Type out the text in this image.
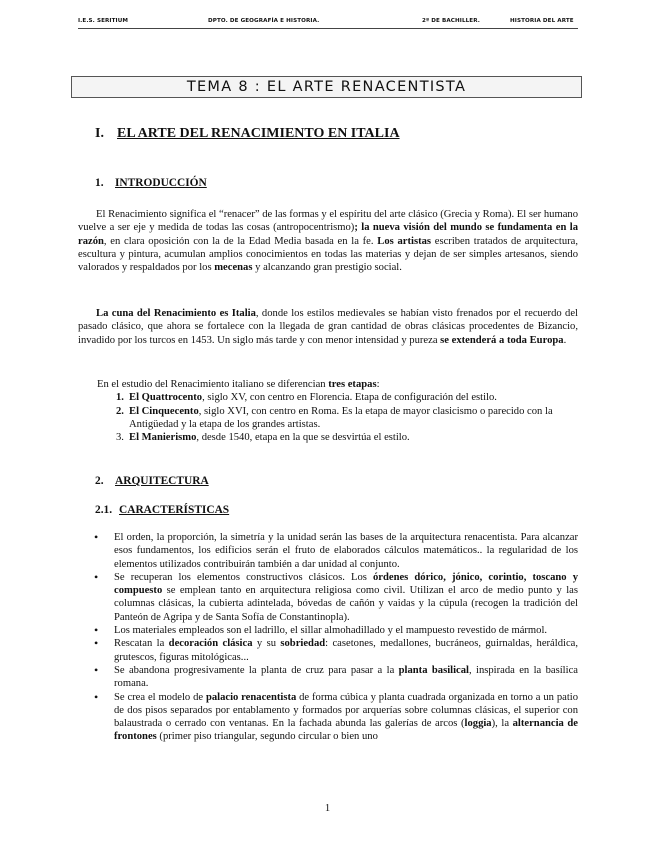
I.E.S. SERITIUM	DPTO. DE GEOGRAFÍA E HISTORIA.	2º DE BACHILLER.	HISTORIA DEL ARTE
TEMA 8 : EL ARTE RENACENTISTA
I. EL ARTE DEL RENACIMIENTO EN ITALIA
1. INTRODUCCIÓN
El Renacimiento significa el “renacer” de las formas y el espíritu del arte clásico (Grecia y Roma). El ser humano vuelve a ser eje y medida de todas las cosas (antropocentrismo); la nueva visión del mundo se fundamenta en la razón, en clara oposición con la de la Edad Media basada en la fe. Los artistas escriben tratados de arquitectura, escultura y pintura, acumulan amplios conocimientos en todas las materias y dejan de ser simples artesanos, siendo valorados y respaldados por los mecenas y alcanzando gran prestigio social.
La cuna del Renacimiento es Italia, donde los estilos medievales se habían visto frenados por el recuerdo del pasado clásico, que ahora se fortalece con la llegada de gran cantidad de obras clásicas procedentes de Bizancio, invadido por los turcos en 1453. Un siglo más tarde y con menor intensidad y pureza se extenderá a toda Europa.
En el estudio del Renacimiento italiano se diferencian tres etapas:
1. El Quattrocento, siglo XV, con centro en Florencia. Etapa de configuración del estilo.
2. El Cinquecento, siglo XVI, con centro en Roma. Es la etapa de mayor clasicismo o parecido con la Antigüedad y la etapa de los grandes artistas.
3. El Manierismo, desde 1540, etapa en la que se desvirtúa el estilo.
2. ARQUITECTURA
2.1. CARACTERÍSTICAS
• El orden, la proporción, la simetría y la unidad serán las bases de la arquitectura renacentista. Para alcanzar esos fundamentos, los edificios serán el fruto de elaborados cálculos matemáticos.. la regularidad de los elementos utilizados contribuirán también a dar unidad al conjunto.
• Se recuperan los elementos constructivos clásicos. Los órdenes dórico, jónico, corintio, toscano y compuesto se emplean tanto en arquitectura religiosa como civil. Utilizan el arco de medio punto y las columnas clásicas, la cubierta adintelada, bóvedas de cañón y vaidas y la cúpula (recogen la tradición del Panteón de Agripa y de Santa Sofía de Constantinopla).
• Los materiales empleados son el ladrillo, el sillar almohadillado y el mampuesto revestido de mármol.
• Rescatan la decoración clásica y su sobriedad: casetones, medallones, bucráneos, guirnaldas, heráldica, grutescos, figuras mitológicas...
• Se abandona progresivamente la planta de cruz para pasar a la planta basilical, inspirada en la basílica romana.
• Se crea el modelo de palacio renacentista de forma cúbica y planta cuadrada organizada en torno a un patio de dos pisos separados por entablamento y formados por arquerías sobre columnas clásicas, el superior con balaustrada o cerrado con ventanas. En la fachada abunda las galerías de arcos (loggia), la alternancia de frontones (primer piso triangular, segundo circular o bien uno
1
